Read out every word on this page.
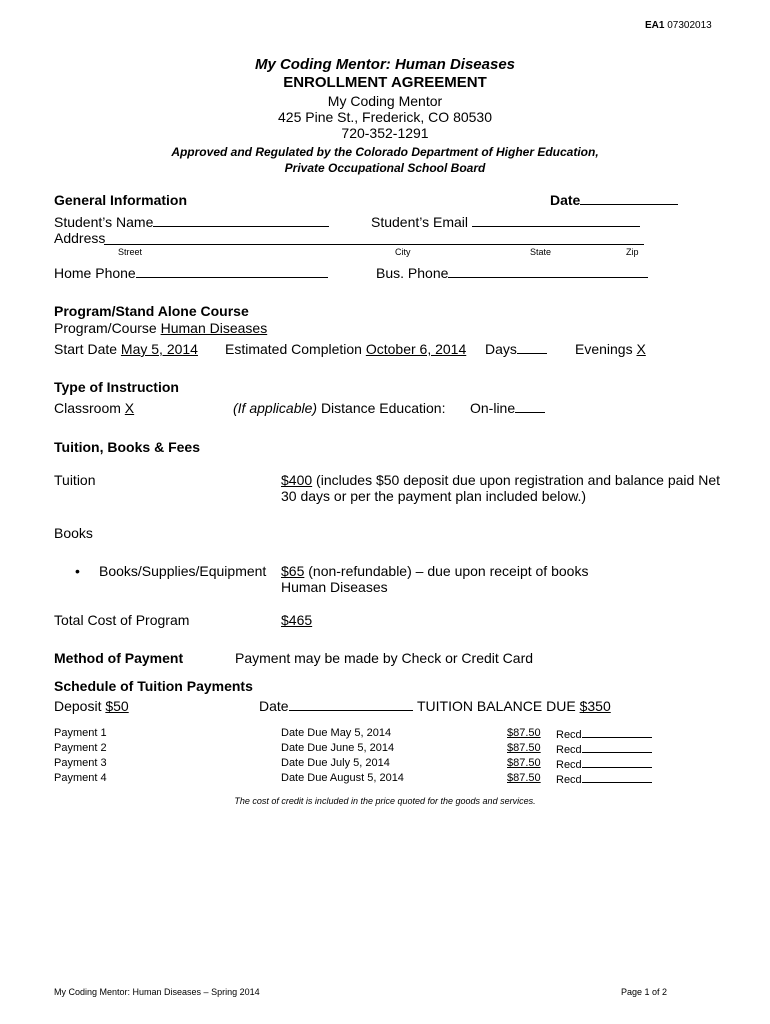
EA1 07302013
My Coding Mentor: Human Diseases
ENROLLMENT AGREEMENT
My Coding Mentor
425 Pine St., Frederick, CO 80530
720-352-1291
Approved and Regulated by the Colorado Department of Higher Education,
Private Occupational School Board
General Information	Date
Student’s Name	Student’s Email
Address
Street	City	State	Zip
Home Phone	Bus. Phone
Program/Stand Alone Course
Program/Course Human Diseases
Start Date May 5, 2014 Estimated Completion October 6, 2014 Days	Evenings X
Type of Instruction
Classroom X	(If applicable) Distance Education: On-line
Tuition, Books & Fees
Tuition	$400 (includes $50 deposit due upon registration and balance paid Net
30 days or per the payment plan included below.)
Books
• Books/Supplies/Equipment $65 (non-refundable) – due upon receipt of books
Human Diseases
Total Cost of Program	$465
Method of Payment	Payment may be made by Check or Credit Card
Schedule of Tuition Payments
Deposit $50	Date	TUITION BALANCE DUE $350
Payment 1	Date Due May 5, 2014	$87.50 Recd
Payment 2	Date Due June 5, 2014	$87.50 Recd
Payment 3	Date Due July 5, 2014	$87.50 Recd
Payment 4	Date Due August 5, 2014	$87.50 Recd
The cost of credit is included in the price quoted for the goods and services.
My Coding Mentor: Human Diseases – Spring 2014	Page 1 of 2
